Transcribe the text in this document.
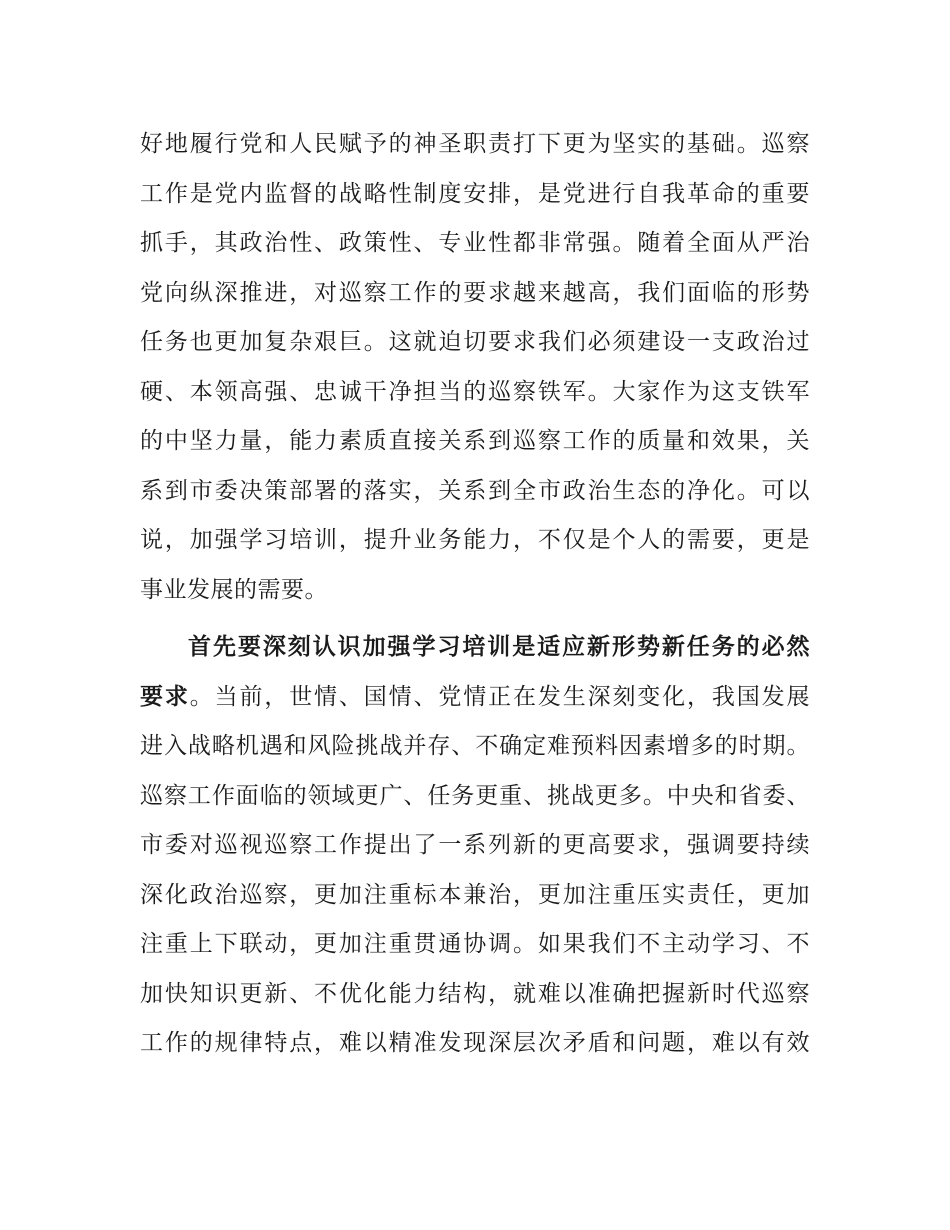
好地履行党和人民赋予的神圣职责打下更为坚实的基础。巡察
工作是党内监督的战略性制度安排，是党进行自我革命的重要
抓手，其政治性、政策性、专业性都非常强。随着全面从严治
党向纵深推进，对巡察工作的要求越来越高，我们面临的形势
任务也更加复杂艰巨。这就迫切要求我们必须建设一支政治过
硬、本领高强、忠诚干净担当的巡察铁军。大家作为这支铁军
的中坚力量，能力素质直接关系到巡察工作的质量和效果，关
系到市委决策部署的落实，关系到全市政治生态的净化。可以
说，加强学习培训，提升业务能力，不仅是个人的需要，更是
事业发展的需要。
首先要深刻认识加强学习培训是适应新形势新任务的必然
要求。当前，世情、国情、党情正在发生深刻变化，我国发展
进入战略机遇和风险挑战并存、不确定难预料因素增多的时期。
巡察工作面临的领域更广、任务更重、挑战更多。中央和省委、
市委对巡视巡察工作提出了一系列新的更高要求，强调要持续
深化政治巡察，更加注重标本兼治，更加注重压实责任，更加
注重上下联动，更加注重贯通协调。如果我们不主动学习、不
加快知识更新、不优化能力结构，就难以准确把握新时代巡察
工作的规律特点，难以精准发现深层次矛盾和问题，难以有效
